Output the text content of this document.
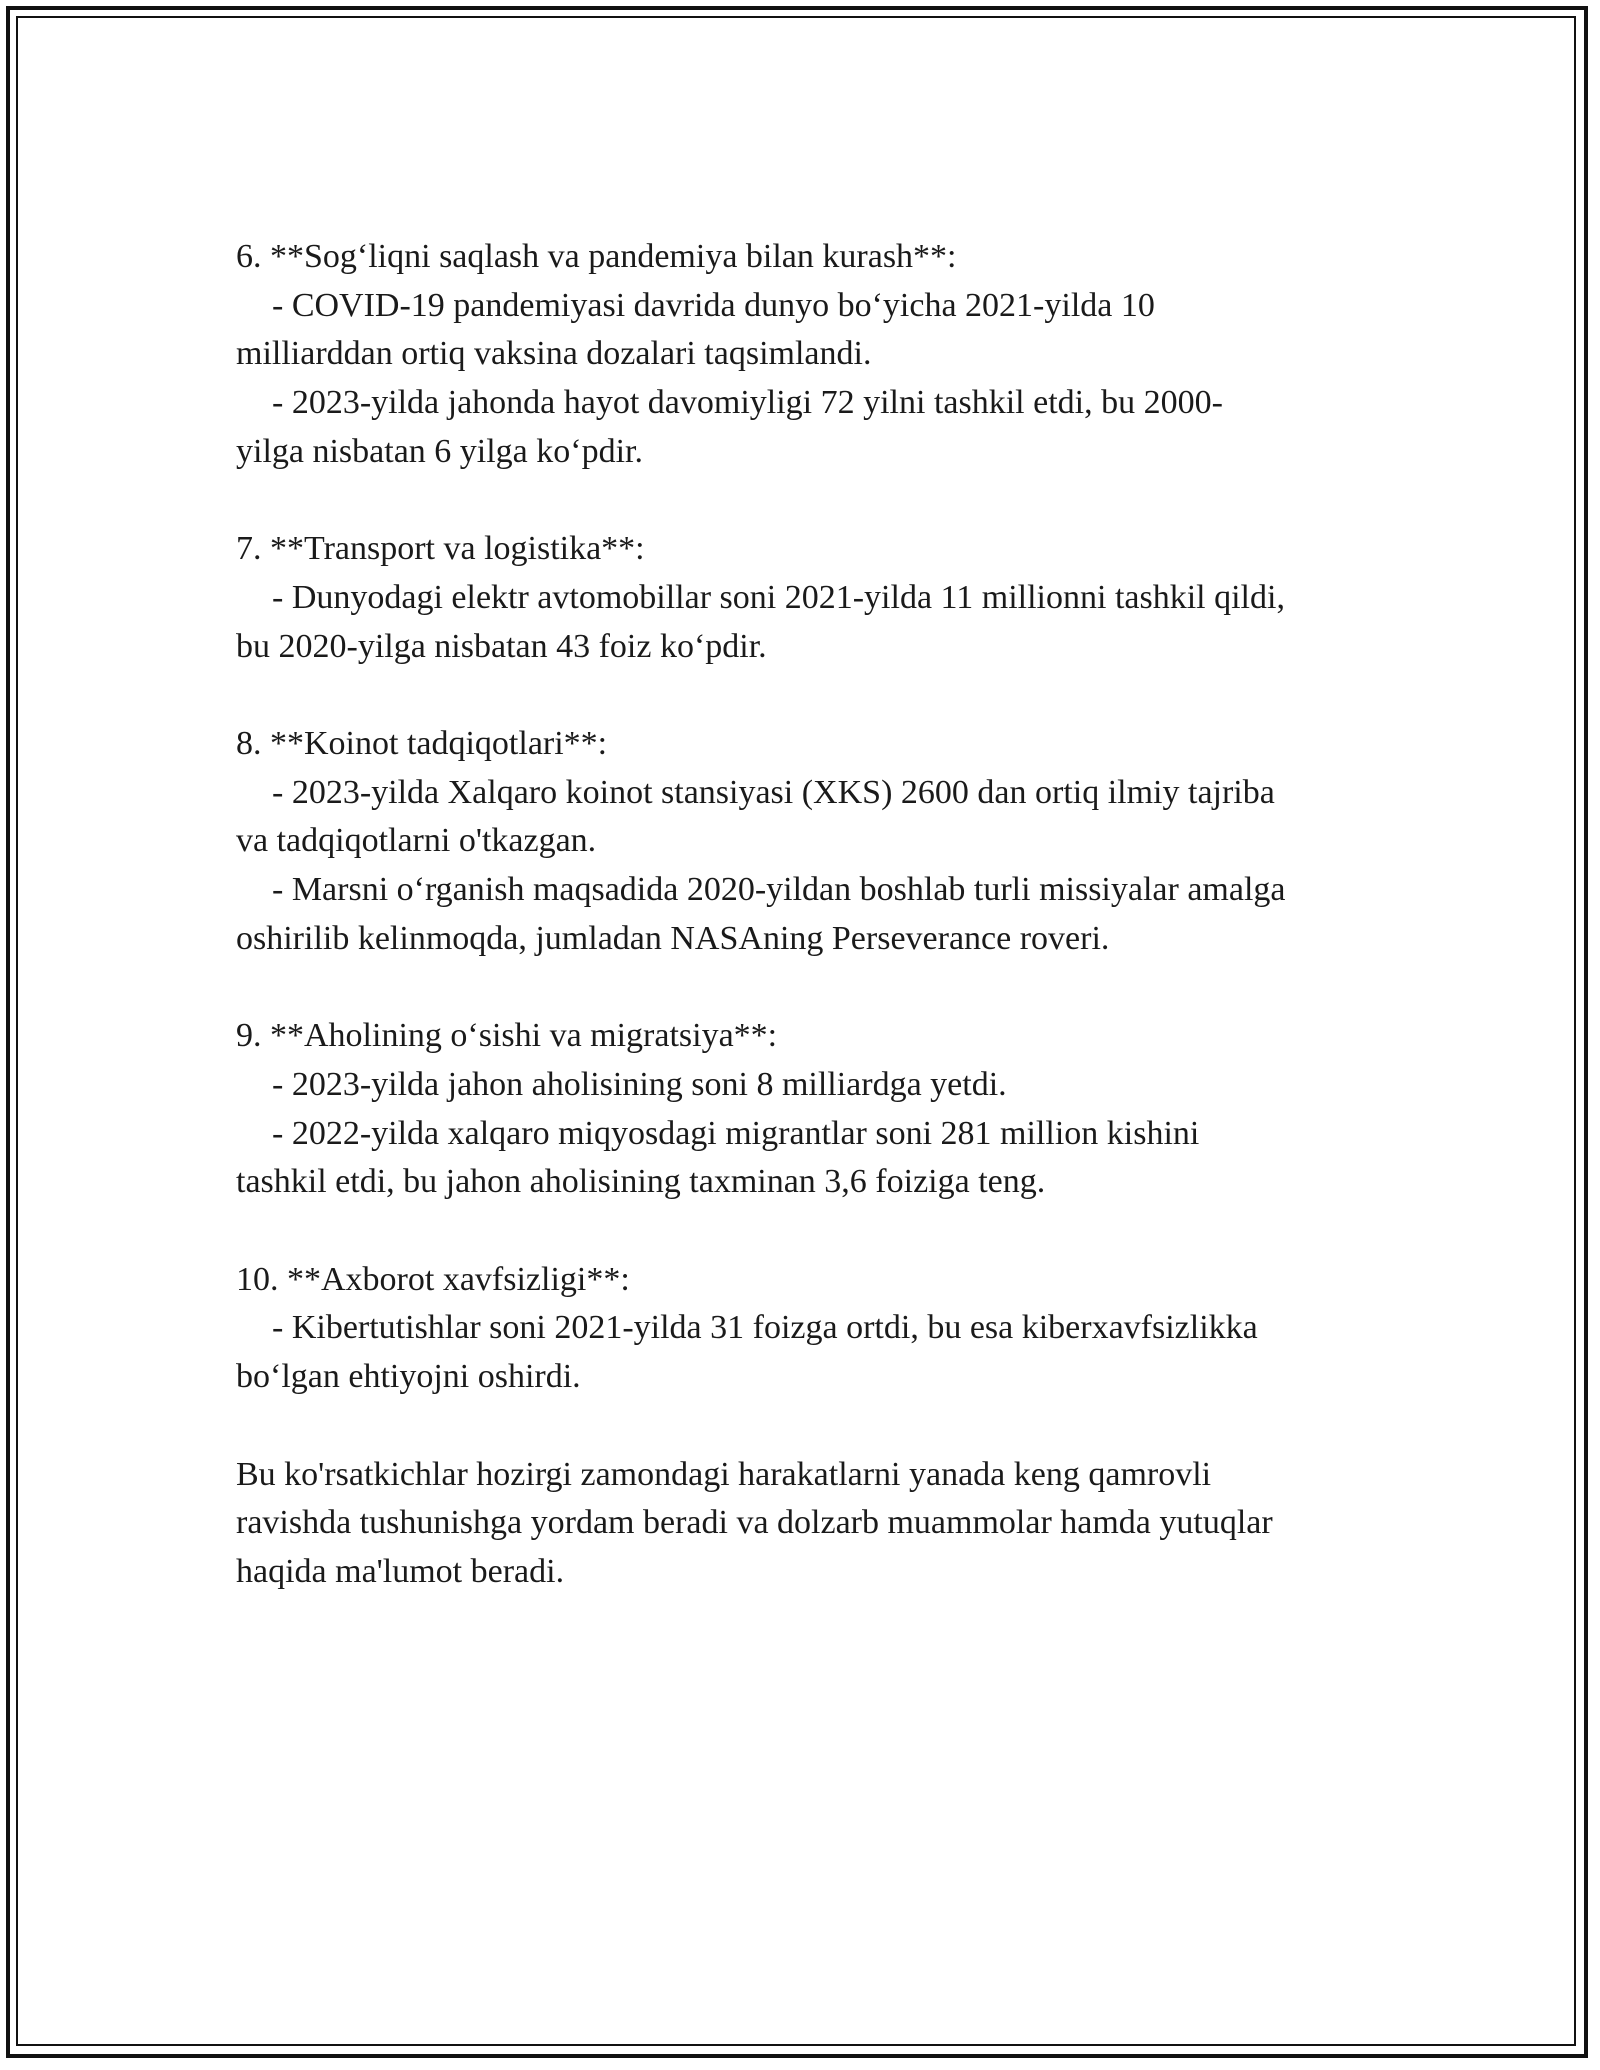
6. **Sog‘liqni saqlash va pandemiya bilan kurash**:
- COVID-19 pandemiyasi davrida dunyo bo‘yicha 2021-yilda 10
milliarddan ortiq vaksina dozalari taqsimlandi.
- 2023-yilda jahonda hayot davomiyligi 72 yilni tashkil etdi, bu 2000-
yilga nisbatan 6 yilga ko‘pdir.
7. **Transport va logistika**:
- Dunyodagi elektr avtomobillar soni 2021-yilda 11 millionni tashkil qildi,
bu 2020-yilga nisbatan 43 foiz ko‘pdir.
8. **Koinot tadqiqotlari**:
- 2023-yilda Xalqaro koinot stansiyasi (XKS) 2600 dan ortiq ilmiy tajriba
va tadqiqotlarni o'tkazgan.
- Marsni o‘rganish maqsadida 2020-yildan boshlab turli missiyalar amalga
oshirilib kelinmoqda, jumladan NASAning Perseverance roveri.
9. **Aholining o‘sishi va migratsiya**:
- 2023-yilda jahon aholisining soni 8 milliardga yetdi.
- 2022-yilda xalqaro miqyosdagi migrantlar soni 281 million kishini
tashkil etdi, bu jahon aholisining taxminan 3,6 foiziga teng.
10. **Axborot xavfsizligi**:
- Kibertutishlar soni 2021-yilda 31 foizga ortdi, bu esa kiberxavfsizlikka
bo‘lgan ehtiyojni oshirdi.
Bu ko'rsatkichlar hozirgi zamondagi harakatlarni yanada keng qamrovli
ravishda tushunishga yordam beradi va dolzarb muammolar hamda yutuqlar
haqida ma'lumot beradi.
